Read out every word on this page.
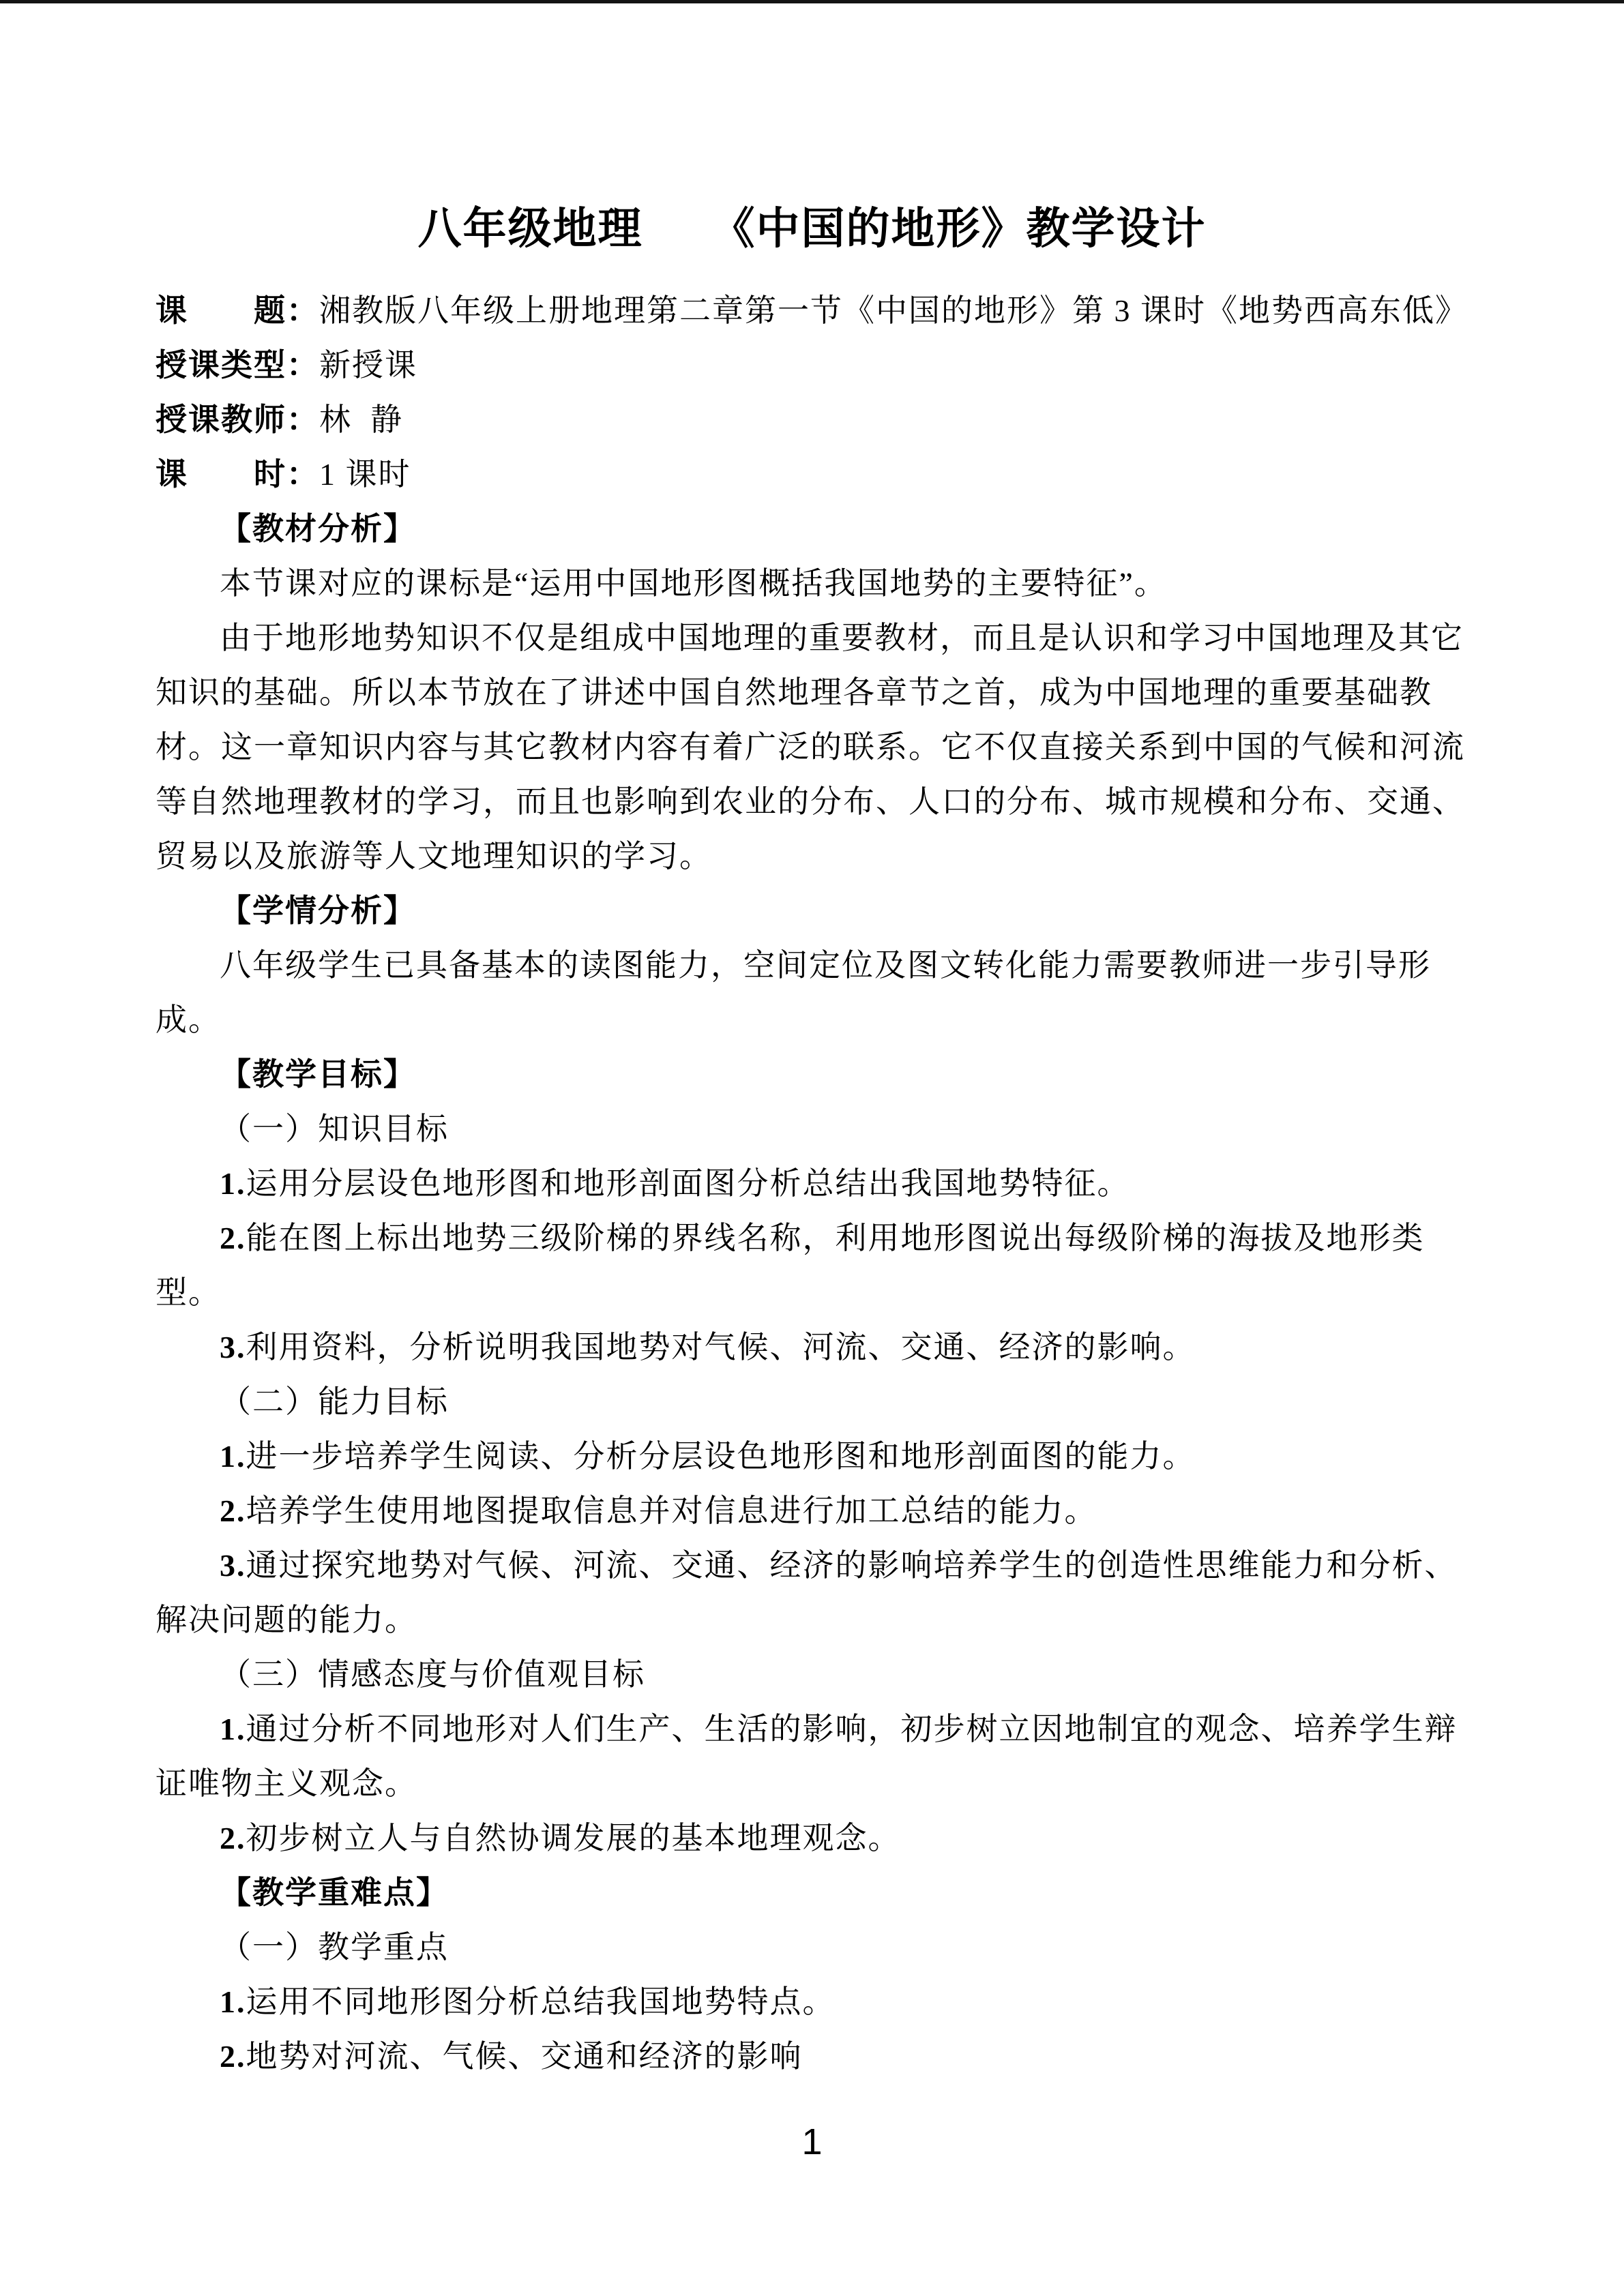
八年级地理　　《中国的地形》教学设计
课　　题：湘教版八年级上册地理第二章第一节《中国的地形》第 3 课时《地势西高东低》
授课类型：新授课
授课教师：林  静
课　　时：1 课时
【教材分析】
本节课对应的课标是“运用中国地形图概括我国地势的主要特征”。
由于地形地势知识不仅是组成中国地理的重要教材，而且是认识和学习中国地理及其它
知识的基础。所以本节放在了讲述中国自然地理各章节之首，成为中国地理的重要基础教
材。这一章知识内容与其它教材内容有着广泛的联系。它不仅直接关系到中国的气候和河流
等自然地理教材的学习，而且也影响到农业的分布、人口的分布、城市规模和分布、交通、
贸易以及旅游等人文地理知识的学习。
【学情分析】
八年级学生已具备基本的读图能力，空间定位及图文转化能力需要教师进一步引导形
成。
【教学目标】
（一）知识目标
1.运用分层设色地形图和地形剖面图分析总结出我国地势特征。
2.能在图上标出地势三级阶梯的界线名称，利用地形图说出每级阶梯的海拔及地形类
型。
3.利用资料，分析说明我国地势对气候、河流、交通、经济的影响。
（二）能力目标
1.进一步培养学生阅读、分析分层设色地形图和地形剖面图的能力。
2.培养学生使用地图提取信息并对信息进行加工总结的能力。
3.通过探究地势对气候、河流、交通、经济的影响培养学生的创造性思维能力和分析、
解决问题的能力。
（三）情感态度与价值观目标
1.通过分析不同地形对人们生产、生活的影响，初步树立因地制宜的观念、培养学生辩
证唯物主义观念。
2.初步树立人与自然协调发展的基本地理观念。
【教学重难点】
（一）教学重点
1.运用不同地形图分析总结我国地势特点。
2.地势对河流、气候、交通和经济的影响
1
